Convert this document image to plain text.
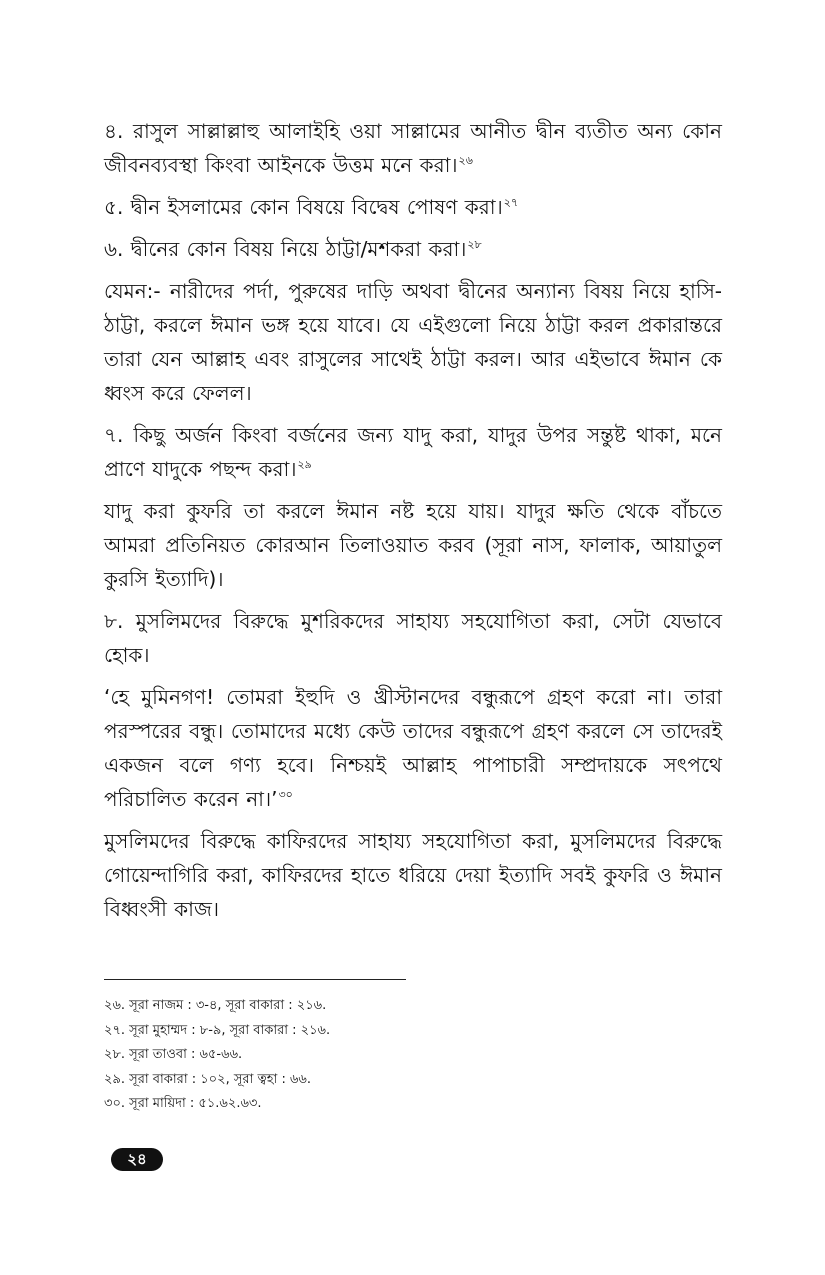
৪. রাসুল সাল্লাল্লাহু আলাইহি ওয়া সাল্লামের আনীত দ্বীন ব্যতীত অন্য কোন জীবনব্যবস্থা কিংবা আইনকে উত্তম মনে করা।$^{২৬}$

৫. দ্বীন ইসলামের কোন বিষয়ে বিদ্বেষ পোষণ করা।$^{২৭}$

৬. দ্বীনের কোন বিষয় নিয়ে ঠাট্টা/মশকরা করা।$^{২৮}$

যেমন:- নারীদের পর্দা, পুরুষের দাড়ি অথবা দ্বীনের অন্যান্য বিষয় নিয়ে হাসি-ঠাট্টা, করলে ঈমান ভঙ্গ হয়ে যাবে। যে এইগুলো নিয়ে ঠাট্টা করল প্রকারান্তরে তারা যেন আল্লাহ এবং রাসুলের সাথেই ঠাট্টা করল। আর এইভাবে ঈমান কে ধ্বংস করে ফেলল।

৭. কিছু অর্জন কিংবা বর্জনের জন্য যাদু করা, যাদুর উপর সন্তুষ্ট থাকা, মনে প্রাণে যাদুকে পছন্দ করা।$^{২৯}$

যাদু করা কুফরি তা করলে ঈমান নষ্ট হয়ে যায়। যাদুর ক্ষতি থেকে বাঁচতে আমরা প্রতিনিয়ত কোরআন তিলাওয়াত করব (সূরা নাস, ফালাক, আয়াতুল কুরসি ইত্যাদি)।

৮. মুসলিমদের বিরুদ্ধে মুশরিকদের সাহায্য সহযোগিতা করা, সেটা যেভাবে হোক।

‘হে মুমিনগণ! তোমরা ইহুদি ও খ্রীস্টানদের বন্ধুরূপে গ্রহণ করো না। তারা পরস্পরের বন্ধু। তোমাদের মধ্যে কেউ তাদের বন্ধুরূপে গ্রহণ করলে সে তাদেরই একজন বলে গণ্য হবে। নিশ্চয়ই আল্লাহ পাপাচারী সম্প্রদায়কে সৎপথে পরিচালিত করেন না।’$^{৩০}$

মুসলিমদের বিরুদ্ধে কাফিরদের সাহায্য সহযোগিতা করা, মুসলিমদের বিরুদ্ধে গোয়েন্দাগিরি করা, কাফিরদের হাতে ধরিয়ে দেয়া ইত্যাদি সবই কুফরি ও ঈমান বিধ্বংসী কাজ।

২৬. সূরা নাজম : ৩-৪, সূরা বাকারা : ২১৬.
২৭. সূরা মুহাম্মদ : ৮-৯, সূরা বাকারা : ২১৬.
২৮. সূরা তাওবা : ৬৫-৬৬.
২৯. সূরা বাকারা : ১০২, সূরা ত্বহা : ৬৬.
৩০. সূরা মায়িদা : ৫১.৬২.৬৩.
২৪
